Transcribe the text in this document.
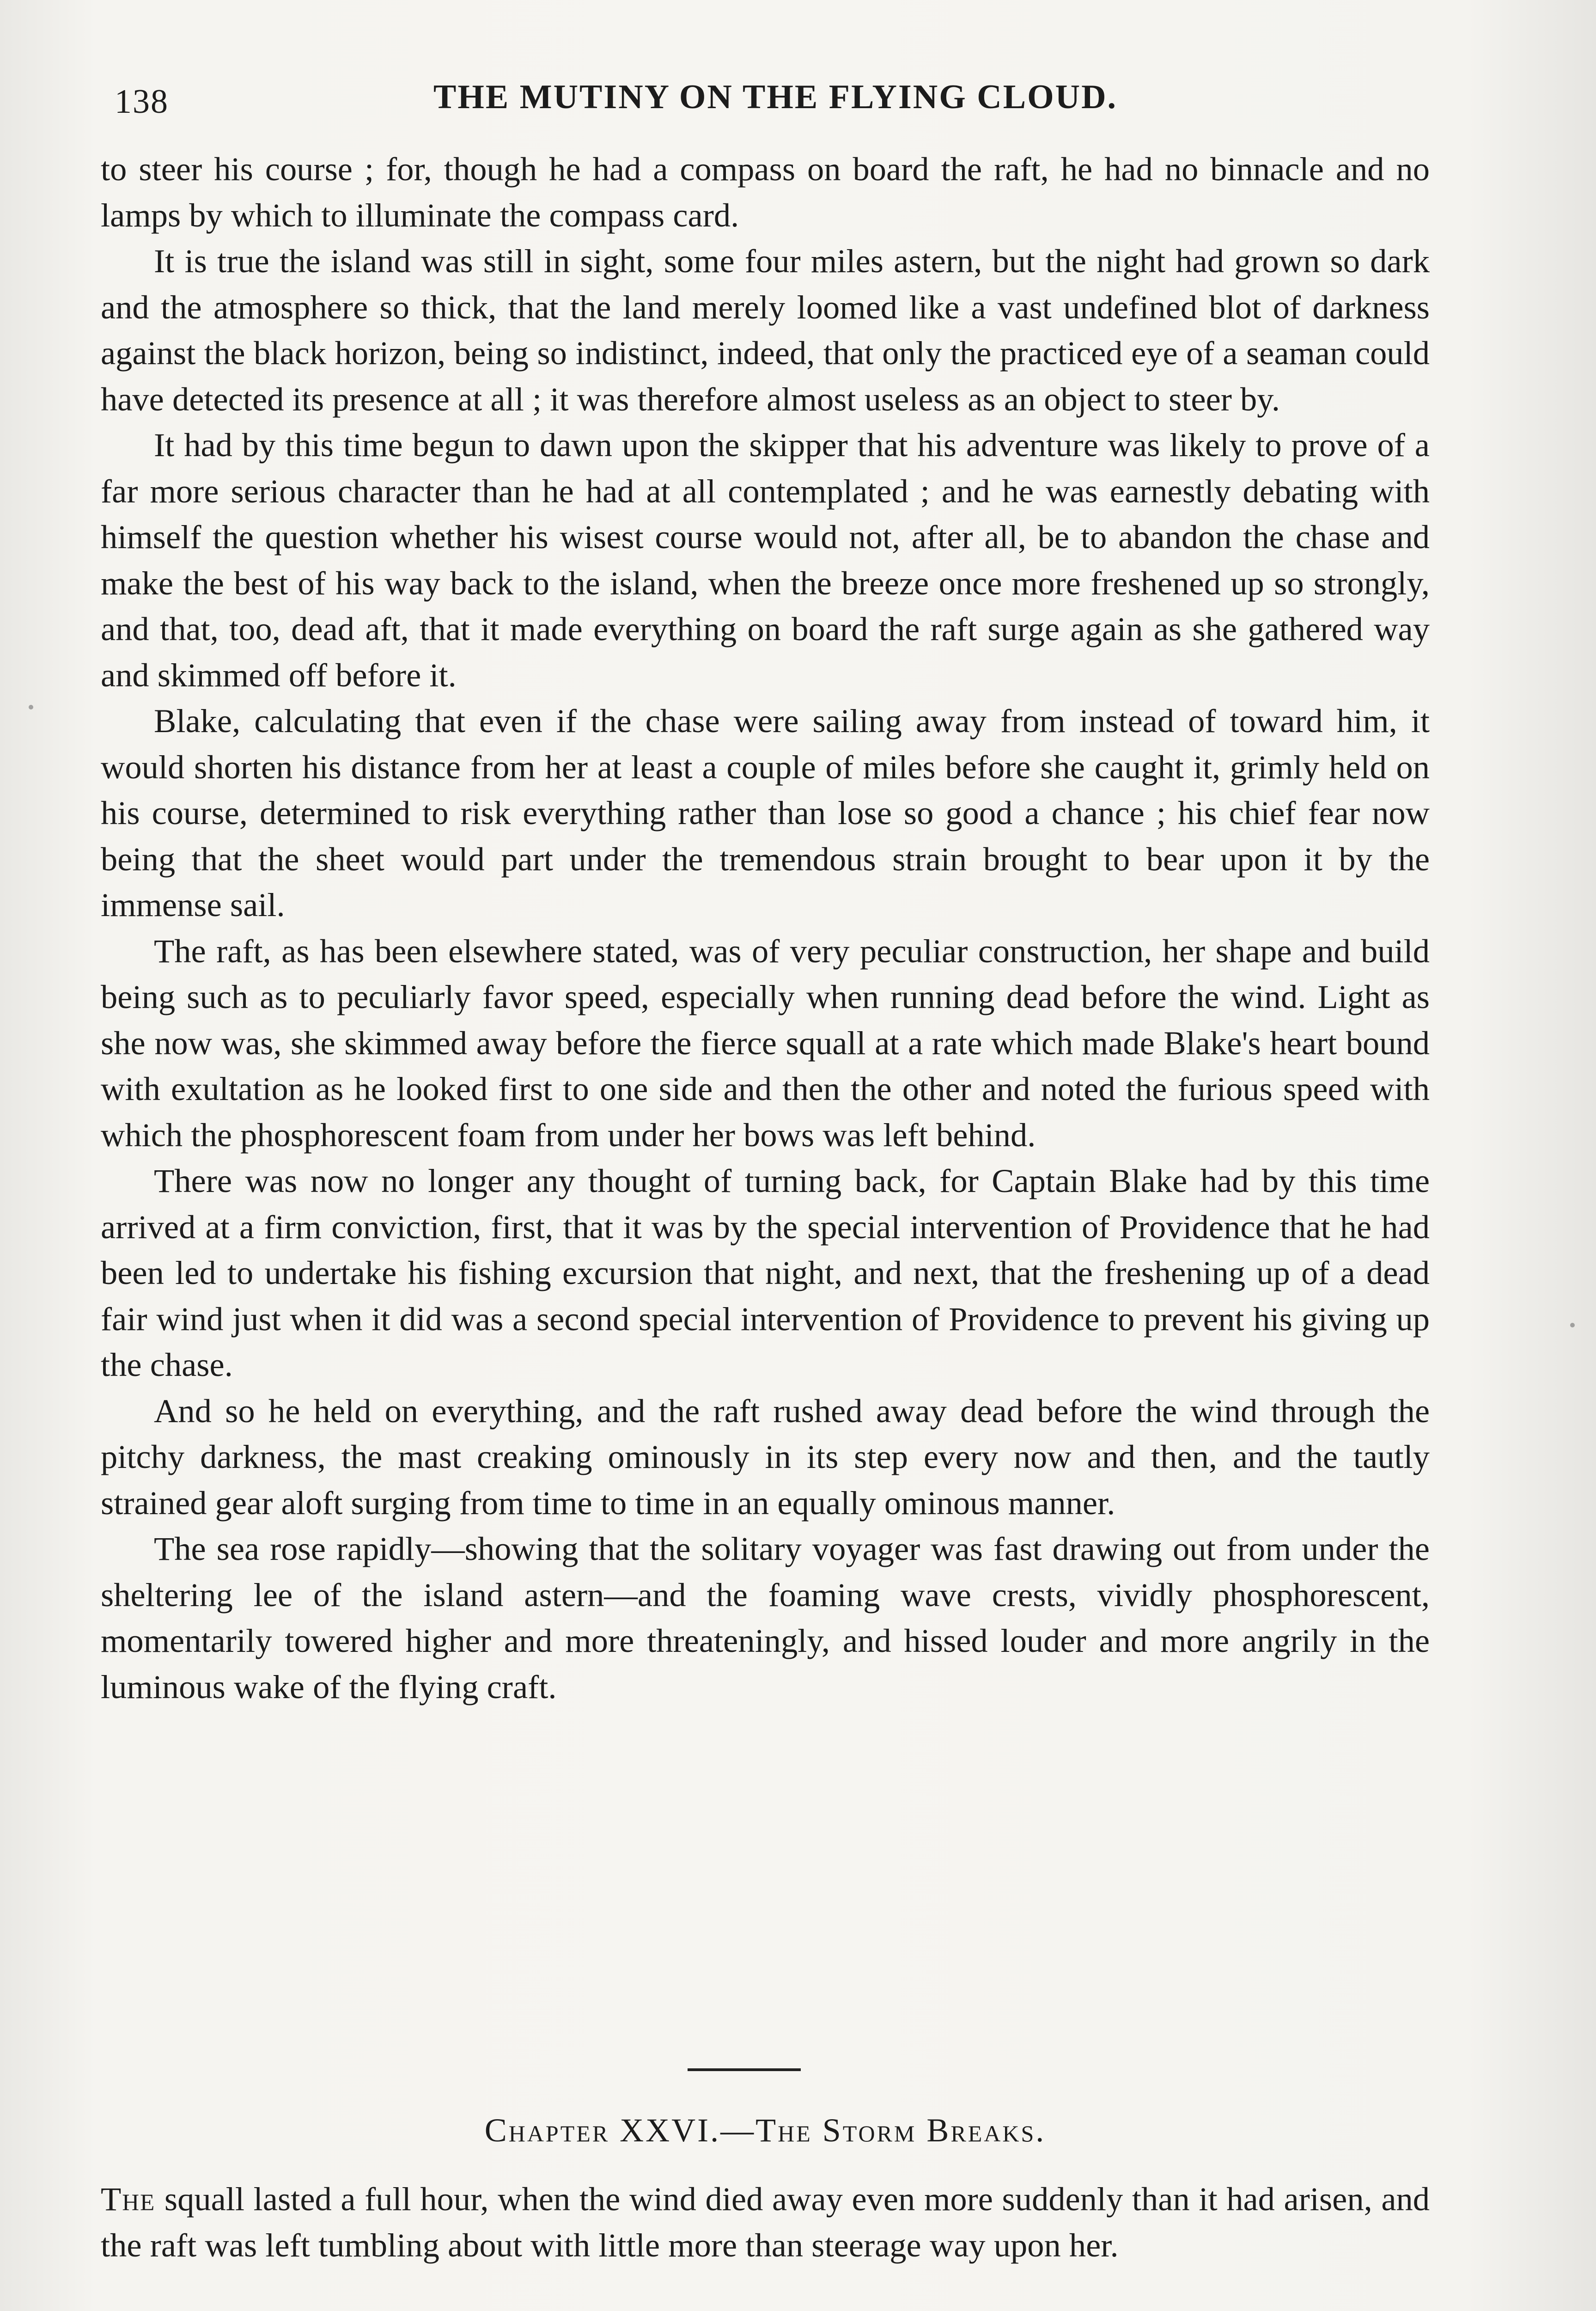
138	THE MUTINY ON THE FLYING CLOUD.

to steer his course ; for, though he had a compass on board the raft, he had no binnacle and no lamps by which to illuminate the compass card.

It is true the island was still in sight, some four miles astern, but the night had grown so dark and the atmosphere so thick, that the land merely loomed like a vast undefined blot of darkness against the black horizon, being so indistinct, indeed, that only the practiced eye of a seaman could have detected its presence at all ; it was therefore almost useless as an object to steer by.

It had by this time begun to dawn upon the skipper that his adventure was likely to prove of a far more serious character than he had at all contemplated ; and he was earnestly debating with himself the question whether his wisest course would not, after all, be to abandon the chase and make the best of his way back to the island, when the breeze once more freshened up so strongly, and that, too, dead aft, that it made everything on board the raft surge again as she gathered way and skimmed off before it.

Blake, calculating that even if the chase were sailing away from instead of toward him, it would shorten his distance from her at least a couple of miles before she caught it, grimly held on his course, determined to risk everything rather than lose so good a chance ; his chief fear now being that the sheet would part under the tremendous strain brought to bear upon it by the immense sail.

The raft, as has been elsewhere stated, was of very peculiar construction, her shape and build being such as to peculiarly favor speed, especially when running dead before the wind. Light as she now was, she skimmed away before the fierce squall at a rate which made Blake's heart bound with exultation as he looked first to one side and then the other and noted the furious speed with which the phosphorescent foam from under her bows was left behind.

There was now no longer any thought of turning back, for Captain Blake had by this time arrived at a firm conviction, first, that it was by the special intervention of Providence that he had been led to undertake his fishing excursion that night, and next, that the freshening up of a dead fair wind just when it did was a second special intervention of Providence to prevent his giving up the chase.

And so he held on everything, and the raft rushed away dead before the wind through the pitchy darkness, the mast creaking ominously in its step every now and then, and the tautly strained gear aloft surging from time to time in an equally ominous manner.

The sea rose rapidly—showing that the solitary voyager was fast drawing out from under the sheltering lee of the island astern—and the foaming wave crests, vividly phosphorescent, momentarily towered higher and more threateningly, and hissed louder and more angrily in the luminous wake of the flying craft.

Chapter XXVI.—The Storm Breaks.

The squall lasted a full hour, when the wind died away even more suddenly than it had arisen, and the raft was left tumbling about with little more than steerage way upon her.
